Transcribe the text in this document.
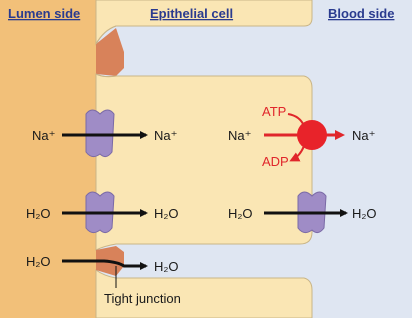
Lumen side	Epithelial cell	Blood side
Na⁺	Na⁺	Na⁺	Na⁺
ATP
ADP
H₂O	H₂O	H₂O	H₂O
H₂O	H₂O
Tight junction
